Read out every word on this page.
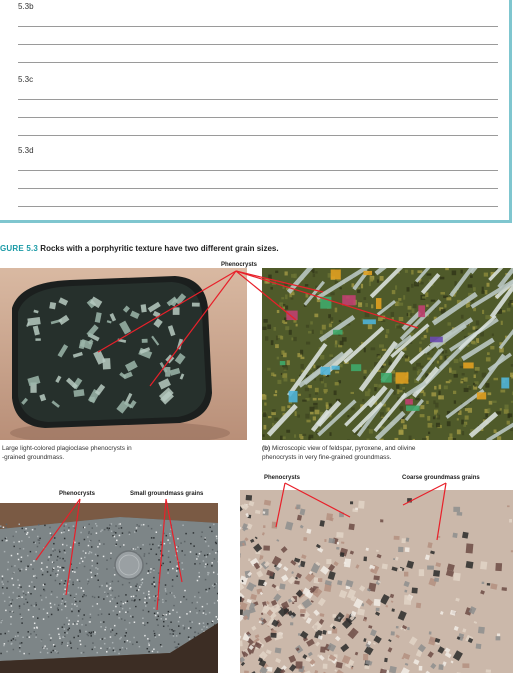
5.3b
5.3c
5.3d
GURE 5.3 Rocks with a porphyritic texture have two different grain sizes.
Phenocrysts
Large light-colored plagioclase phenocrysts in
-grained groundmass.
(b) Microscopic view of feldspar, pyroxene, and olivine
phenocrysts in very fine-grained groundmass.
Phenocrysts	Small groundmass grains
Phenocrysts	Coarse groundmass grains
